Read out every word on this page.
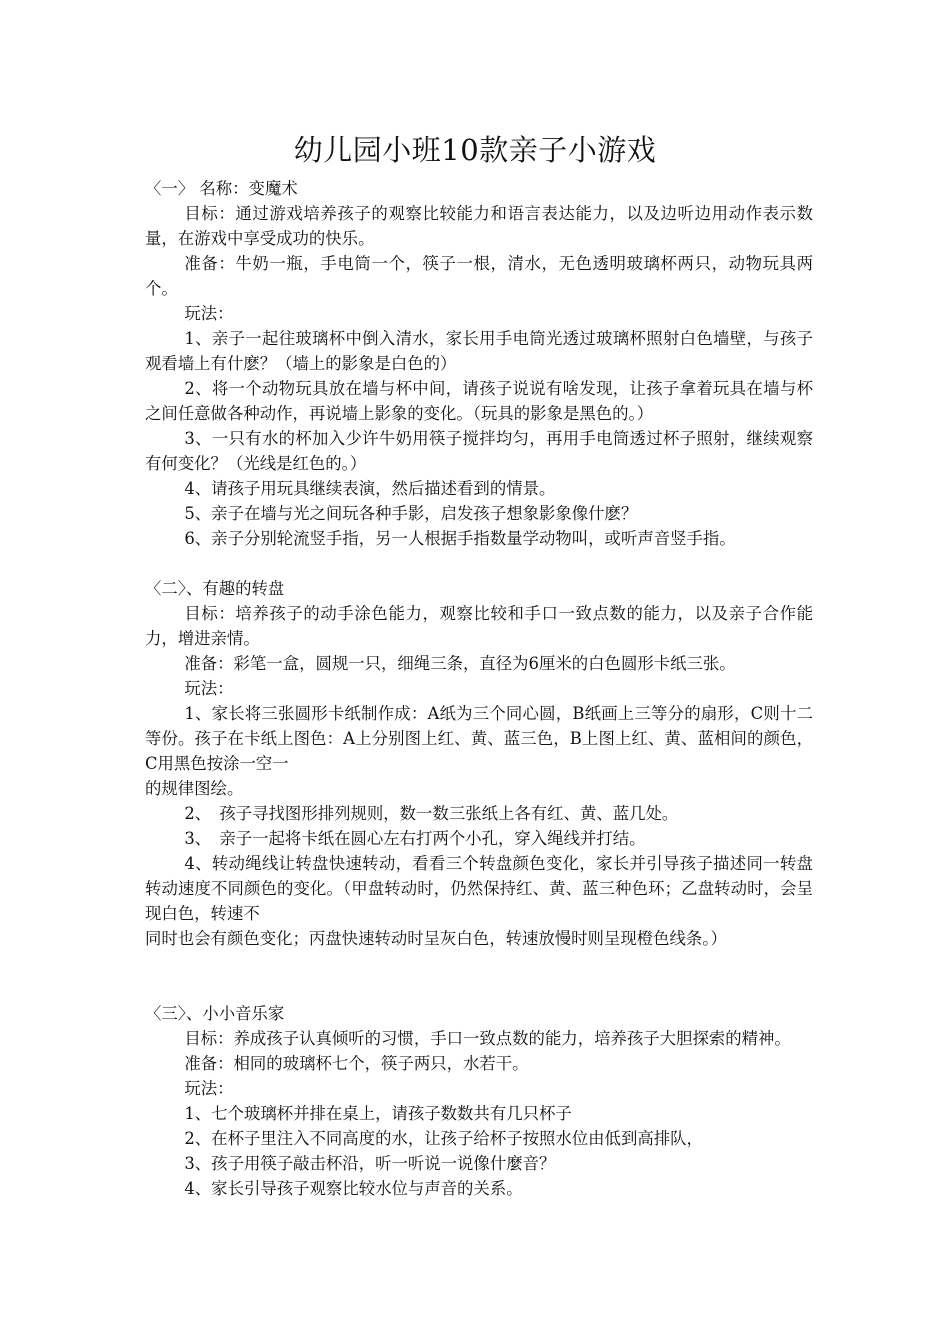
幼儿园小班10款亲子小游戏

〈一〉 名称：变魔术

目标：通过游戏培养孩子的观察比较能力和语言表达能力，以及边听边用动作表示数量，在游戏中享受成功的快乐。

准备：牛奶一瓶，手电筒一个，筷子一根，清水，无色透明玻璃杯两只，动物玩具两个。

玩法：

1、亲子一起往玻璃杯中倒入清水，家长用手电筒光透过玻璃杯照射白色墙壁，与孩子观看墙上有什麽？（墙上的影象是白色的）

2、将一个动物玩具放在墙与杯中间，请孩子说说有啥发现，让孩子拿着玩具在墙与杯之间任意做各种动作，再说墙上影象的变化。（玩具的影象是黑色的。）

3、一只有水的杯加入少许牛奶用筷子搅拌均匀，再用手电筒透过杯子照射，继续观察有何变化？（光线是红色的。）

4、请孩子用玩具继续表演，然后描述看到的情景。

5、亲子在墙与光之间玩各种手影，启发孩子想象影象像什麽？

6、亲子分别轮流竖手指，另一人根据手指数量学动物叫，或听声音竖手指。

〈二〉、有趣的转盘

目标：培养孩子的动手涂色能力，观察比较和手口一致点数的能力，以及亲子合作能力，增进亲情。

准备：彩笔一盒，圆规一只，细绳三条，直径为6厘米的白色圆形卡纸三张。

玩法：

1、家长将三张圆形卡纸制作成：A纸为三个同心圆，B纸画上三等分的扇形，C则十二等份。孩子在卡纸上图色：A上分别图上红、黄、蓝三色，B上图上红、黄、蓝相间的颜色，C用黑色按涂一空一

的规律图绘。

2、　孩子寻找图形排列规则，数一数三张纸上各有红、黄、蓝几处。

3、　亲子一起将卡纸在圆心左右打两个小孔，穿入绳线并打结。

4、转动绳线让转盘快速转动，看看三个转盘颜色变化，家长并引导孩子描述同一转盘转动速度不同颜色的变化。（甲盘转动时，仍然保持红、黄、蓝三种色环；乙盘转动时，会呈现白色，转速不

同时也会有颜色变化；丙盘快速转动时呈灰白色，转速放慢时则呈现橙色线条。）

〈三〉、小小音乐家

目标：养成孩子认真倾听的习惯，手口一致点数的能力，培养孩子大胆探索的精神。

准备：相同的玻璃杯七个，筷子两只，水若干。

玩法：

1、七个玻璃杯并排在桌上，请孩子数数共有几只杯子

2、在杯子里注入不同高度的水，让孩子给杯子按照水位由低到高排队，

3、孩子用筷子敲击杯沿，听一听说一说像什麼音？

4、家长引导孩子观察比较水位与声音的关系。
